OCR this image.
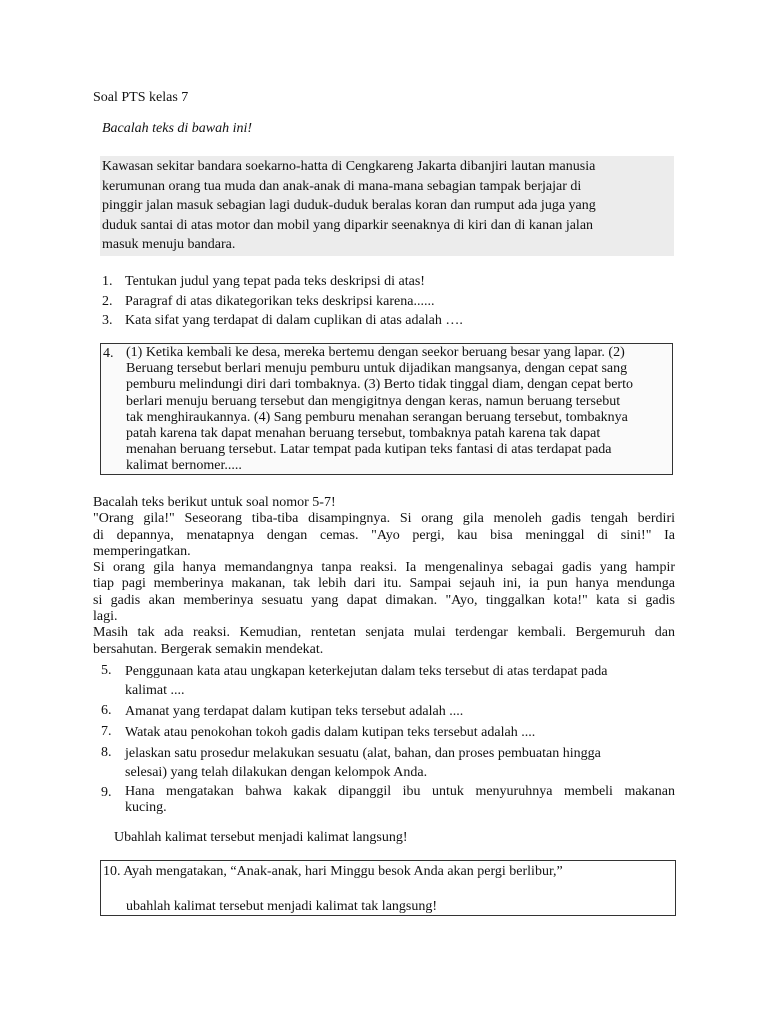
Soal PTS kelas 7
Bacalah teks di bawah ini!
Kawasan sekitar bandara soekarno-hatta di Cengkareng Jakarta dibanjiri lautan manusia
kerumunan orang tua muda dan anak-anak di mana-mana sebagian tampak berjajar di
pinggir jalan masuk sebagian lagi duduk-duduk beralas koran dan rumput ada juga yang
duduk santai di atas motor dan mobil yang diparkir seenaknya di kiri dan di kanan jalan
masuk menuju bandara.
1. Tentukan judul yang tepat pada teks deskripsi di atas!
2. Paragraf di atas dikategorikan teks deskripsi karena......
3. Kata sifat yang terdapat di dalam cuplikan di atas adalah ….
4. (1) Ketika kembali ke desa, mereka bertemu dengan seekor beruang besar yang lapar. (2)
Beruang tersebut berlari menuju pemburu untuk dijadikan mangsanya, dengan cepat sang
pemburu melindungi diri dari tombaknya. (3) Berto tidak tinggal diam, dengan cepat berto
berlari menuju beruang tersebut dan mengigitnya dengan keras, namun beruang tersebut
tak menghiraukannya. (4) Sang pemburu menahan serangan beruang tersebut, tombaknya
patah karena tak dapat menahan beruang tersebut, tombaknya patah karena tak dapat
menahan beruang tersebut. Latar tempat pada kutipan teks fantasi di atas terdapat pada
kalimat bernomer.....
Bacalah teks berikut untuk soal nomor 5-7!
"Orang gila!" Seseorang tiba-tiba disampingnya. Si orang gila menoleh gadis tengah berdiri
di depannya, menatapnya dengan cemas. "Ayo pergi, kau bisa meninggal di sini!" Ia
memperingatkan.
Si orang gila hanya memandangnya tanpa reaksi. Ia mengenalinya sebagai gadis yang hampir
tiap pagi memberinya makanan, tak lebih dari itu. Sampai sejauh ini, ia pun hanya mendunga
si gadis akan memberinya sesuatu yang dapat dimakan. "Ayo, tinggalkan kota!" kata si gadis
lagi.
Masih tak ada reaksi. Kemudian, rentetan senjata mulai terdengar kembali. Bergemuruh dan
bersahutan. Bergerak semakin mendekat.
5. Penggunaan kata atau ungkapan keterkejutan dalam teks tersebut di atas terdapat pada
kalimat ....
6. Amanat yang terdapat dalam kutipan teks tersebut adalah ....
7. Watak atau penokohan tokoh gadis dalam kutipan teks tersebut adalah ....
8. jelaskan satu prosedur melakukan sesuatu (alat, bahan, dan proses pembuatan hingga
selesai) yang telah dilakukan dengan kelompok Anda.
9. Hana mengatakan bahwa kakak dipanggil ibu untuk menyuruhnya membeli makanan
kucing.
Ubahlah kalimat tersebut menjadi kalimat langsung!
10. Ayah mengatakan, “Anak-anak, hari Minggu besok Anda akan pergi berlibur,”
ubahlah kalimat tersebut menjadi kalimat tak langsung!
